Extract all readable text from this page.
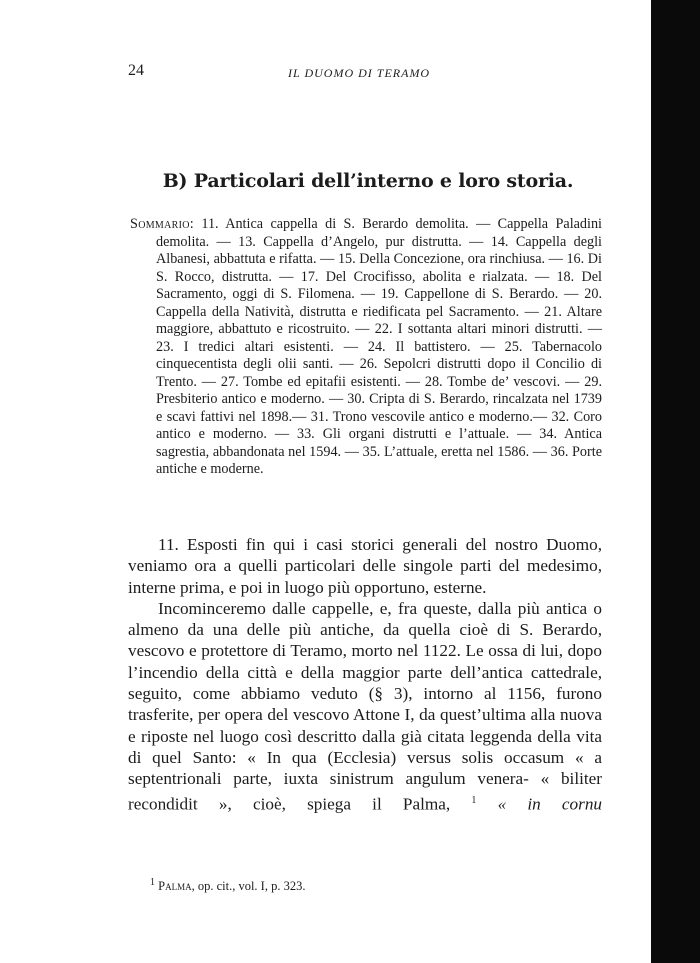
24	IL DUOMO DI TERAMO
B) Particolari dell’interno e loro storia.
Sommario: 11. Antica cappella di S. Berardo demolita. — Cappella Paladini demolita. — 13. Cappella d’Angelo, pur distrutta. — 14. Cappella degli Albanesi, abbattuta e rifatta. — 15. Della Concezione, ora rinchiusa. — 16. Di S. Rocco, distrutta. — 17. Del Crocifisso, abolita e rialzata. — 18. Del Sacramento, oggi di S. Filomena. — 19. Cappellone di S. Berardo. — 20. Cappella della Natività, distrutta e riedificata pel Sacramento. — 21. Altare maggiore, abbattuto e ricostruito. — 22. I sottanta altari minori distrutti. — 23. I tredici altari esistenti. — 24. Il battistero. — 25. Tabernacolo cinquecentista degli olii santi. — 26. Sepolcri distrutti dopo il Concilio di Trento. — 27. Tombe ed epitafii esistenti. — 28. Tombe de’ vescovi. — 29. Presbiterio antico e moderno. — 30. Cripta di S. Berardo, rincalzata nel 1739 e scavi fattivi nel 1898.— 31. Trono vescovile antico e moderno.— 32. Coro antico e moderno. — 33. Gli organi distrutti e l’attuale. — 34. Antica sagrestia, abbandonata nel 1594. — 35. L’attuale, eretta nel 1586. — 36. Porte antiche e moderne.

11. Esposti fin qui i casi storici generali del nostro Duomo, veniamo ora a quelli particolari delle singole parti del medesimo, interne prima, e poi in luogo più opportuno, esterne.

Incominceremo dalle cappelle, e, fra queste, dalla più antica o almeno da una delle più antiche, da quella cioè di S. Berardo, vescovo e protettore di Teramo, morto nel 1122. Le ossa di lui, dopo l’incendio della città e della maggior parte dell’antica cattedrale, seguito, come abbiamo veduto (§ 3), intorno al 1156, furono trasferite, per opera del vescovo Attone I, da quest’ultima alla nuova e riposte nel luogo così descritto dalla già citata leggenda della vita di quel Santo: « In qua (Ecclesia) versus solis occasum « a septentrionali parte, iuxta sinistrum angulum venera- « biliter recondidit », cioè, spiega il Palma, $^1$ « in cornu

$^1$ Palma, op. cit., vol. I, p. 323.
